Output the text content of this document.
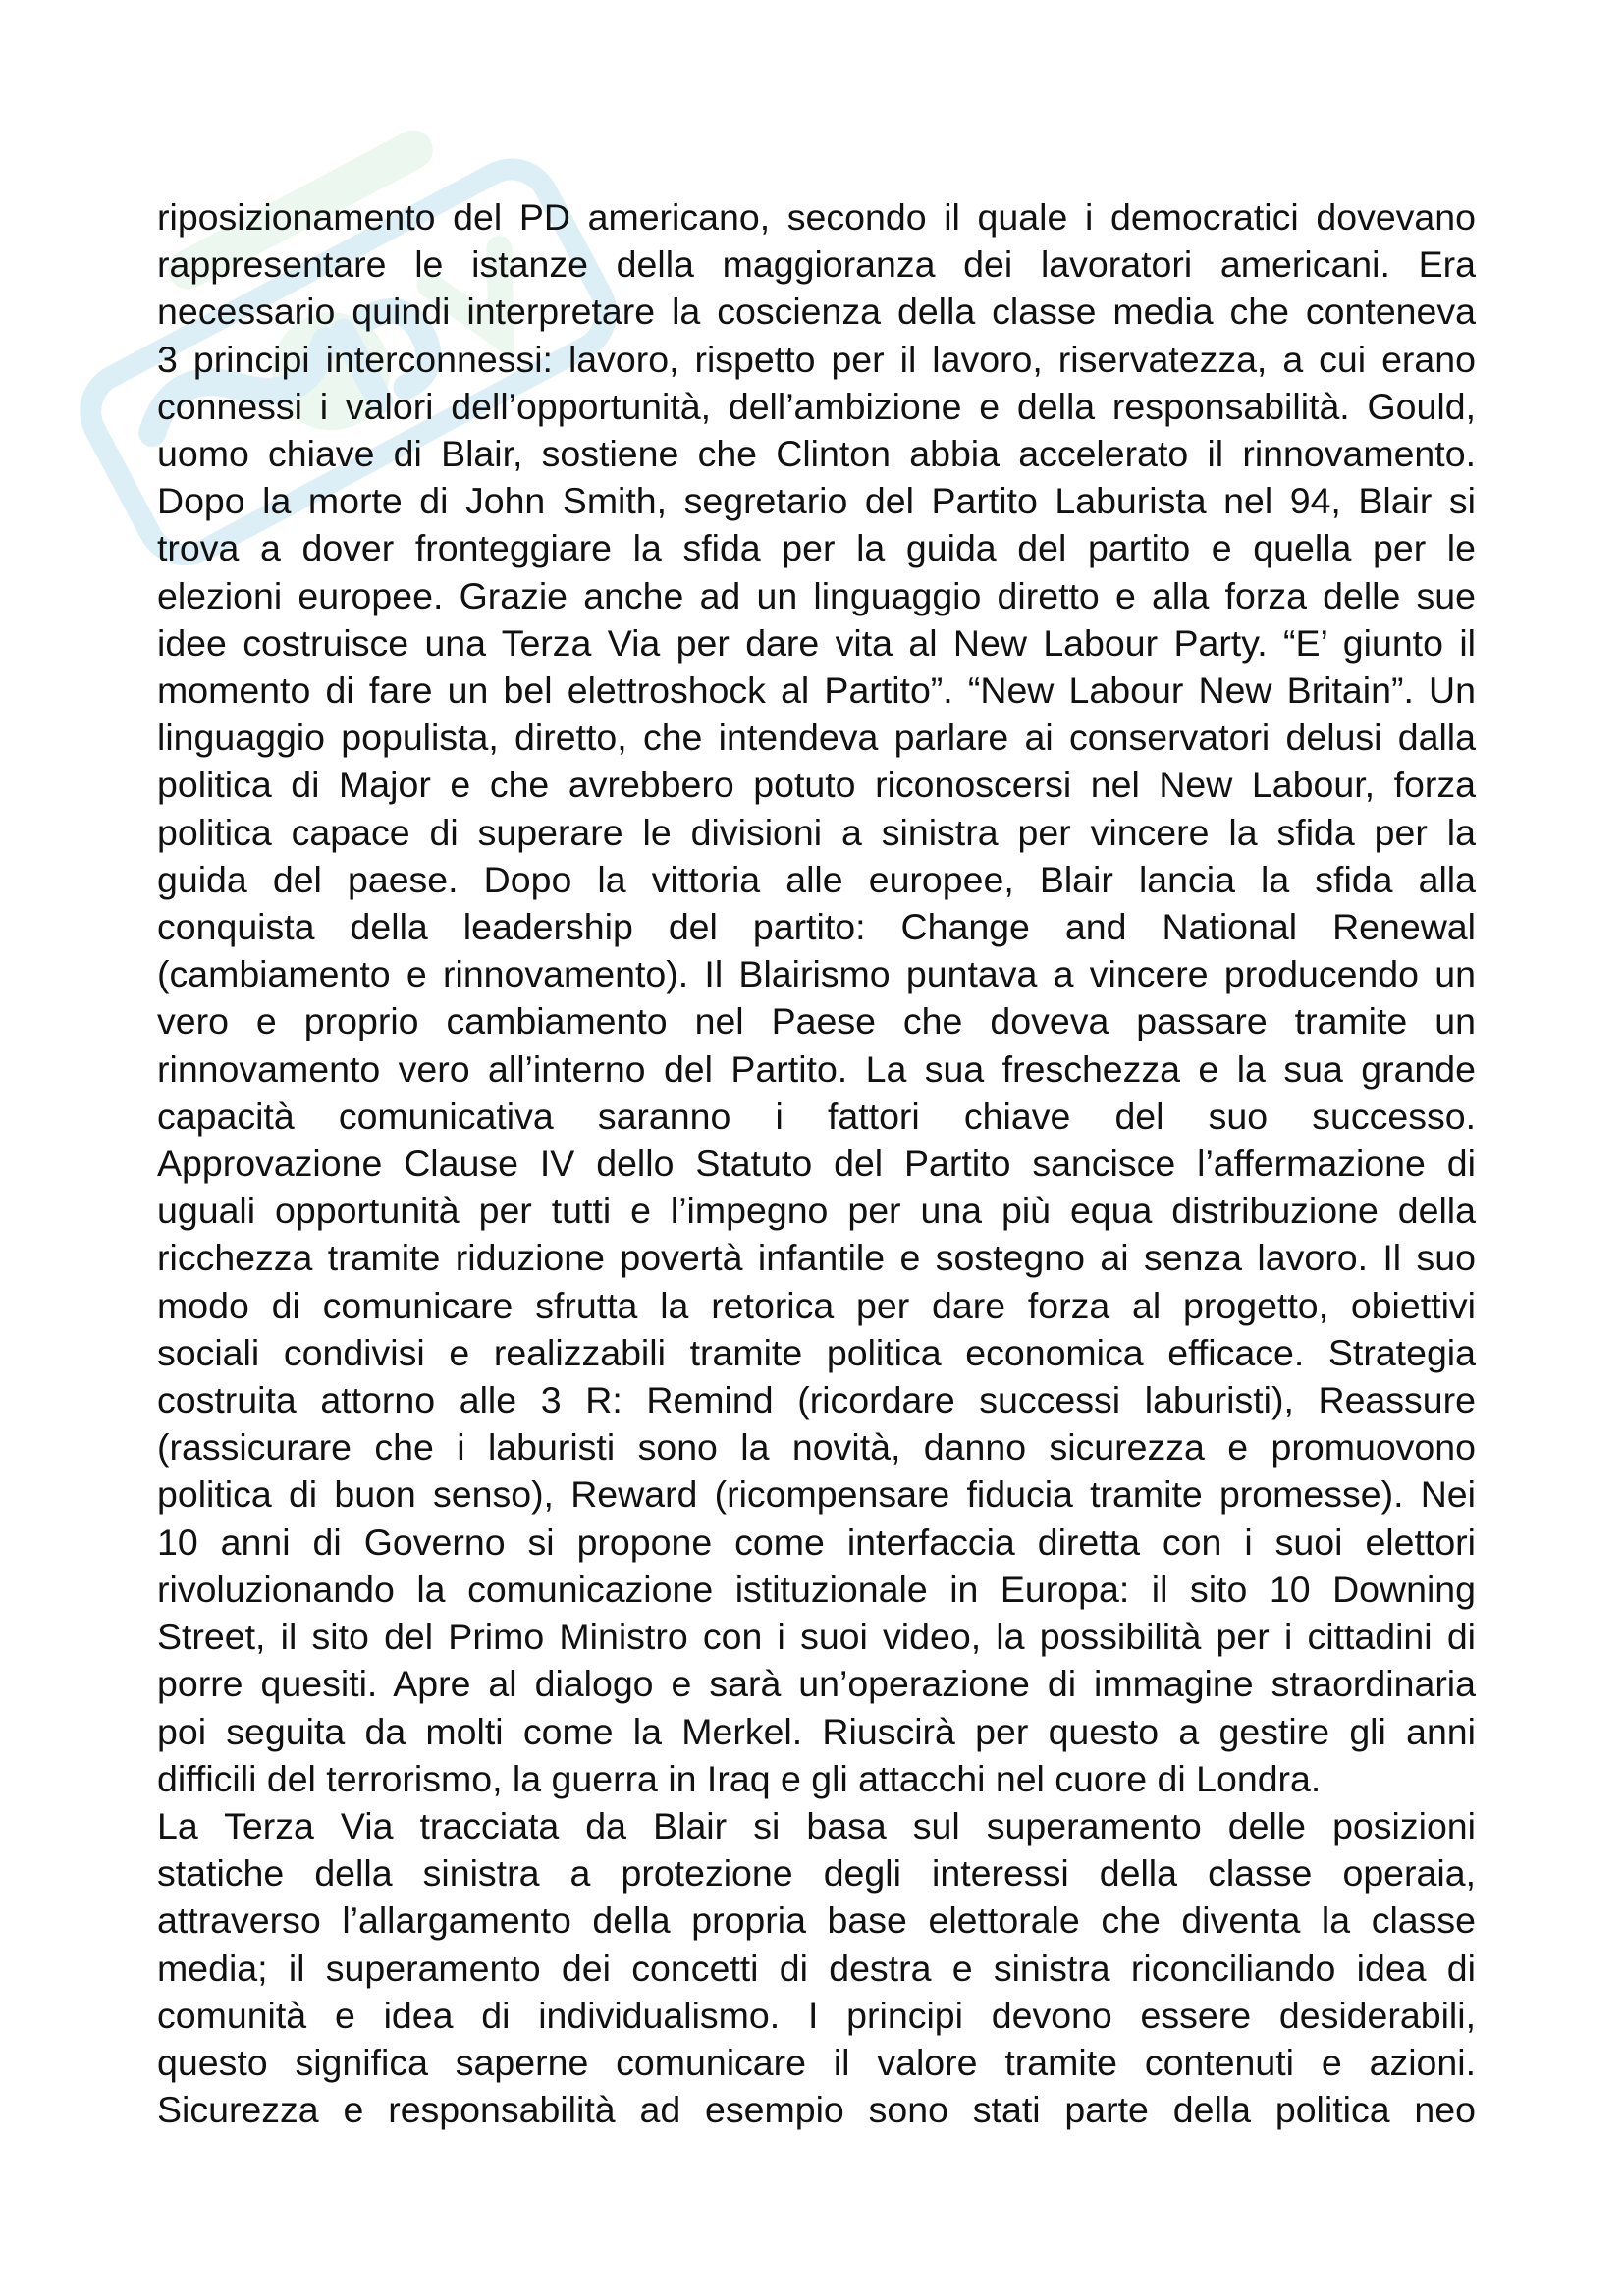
riposizionamento del PD americano, secondo il quale i democratici dovevano
rappresentare le istanze della maggioranza dei lavoratori americani. Era
necessario quindi interpretare la coscienza della classe media che conteneva
3 principi interconnessi: lavoro, rispetto per il lavoro, riservatezza, a cui erano
connessi i valori dell’opportunità, dell’ambizione e della responsabilità. Gould,
uomo chiave di Blair, sostiene che Clinton abbia accelerato il rinnovamento.
Dopo la morte di John Smith, segretario del Partito Laburista nel 94, Blair si
trova a dover fronteggiare la sfida per la guida del partito e quella per le
elezioni europee. Grazie anche ad un linguaggio diretto e alla forza delle sue
idee costruisce una Terza Via per dare vita al New Labour Party. “E’ giunto il
momento di fare un bel elettroshock al Partito”. “New Labour New Britain”. Un
linguaggio populista, diretto, che intendeva parlare ai conservatori delusi dalla
politica di Major e che avrebbero potuto riconoscersi nel New Labour, forza
politica capace di superare le divisioni a sinistra per vincere la sfida per la
guida del paese. Dopo la vittoria alle europee, Blair lancia la sfida alla
conquista della leadership del partito: Change and National Renewal
(cambiamento e rinnovamento). Il Blairismo puntava a vincere producendo un
vero e proprio cambiamento nel Paese che doveva passare tramite un
rinnovamento vero all’interno del Partito. La sua freschezza e la sua grande
capacità comunicativa saranno i fattori chiave del suo successo.
Approvazione Clause IV dello Statuto del Partito sancisce l’affermazione di
uguali opportunità per tutti e l’impegno per una più equa distribuzione della
ricchezza tramite riduzione povertà infantile e sostegno ai senza lavoro. Il suo
modo di comunicare sfrutta la retorica per dare forza al progetto, obiettivi
sociali condivisi e realizzabili tramite politica economica efficace. Strategia
costruita attorno alle 3 R: Remind (ricordare successi laburisti), Reassure
(rassicurare che i laburisti sono la novità, danno sicurezza e promuovono
politica di buon senso), Reward (ricompensare fiducia tramite promesse). Nei
10 anni di Governo si propone come interfaccia diretta con i suoi elettori
rivoluzionando la comunicazione istituzionale in Europa: il sito 10 Downing
Street, il sito del Primo Ministro con i suoi video, la possibilità per i cittadini di
porre quesiti. Apre al dialogo e sarà un’operazione di immagine straordinaria
poi seguita da molti come la Merkel. Riuscirà per questo a gestire gli anni
difficili del terrorismo, la guerra in Iraq e gli attacchi nel cuore di Londra.

La Terza Via tracciata da Blair si basa sul superamento delle posizioni
statiche della sinistra a protezione degli interessi della classe operaia,
attraverso l’allargamento della propria base elettorale che diventa la classe
media; il superamento dei concetti di destra e sinistra riconciliando idea di
comunità e idea di individualismo. I principi devono essere desiderabili,
questo significa saperne comunicare il valore tramite contenuti e azioni.
Sicurezza e responsabilità ad esempio sono stati parte della politica neo
